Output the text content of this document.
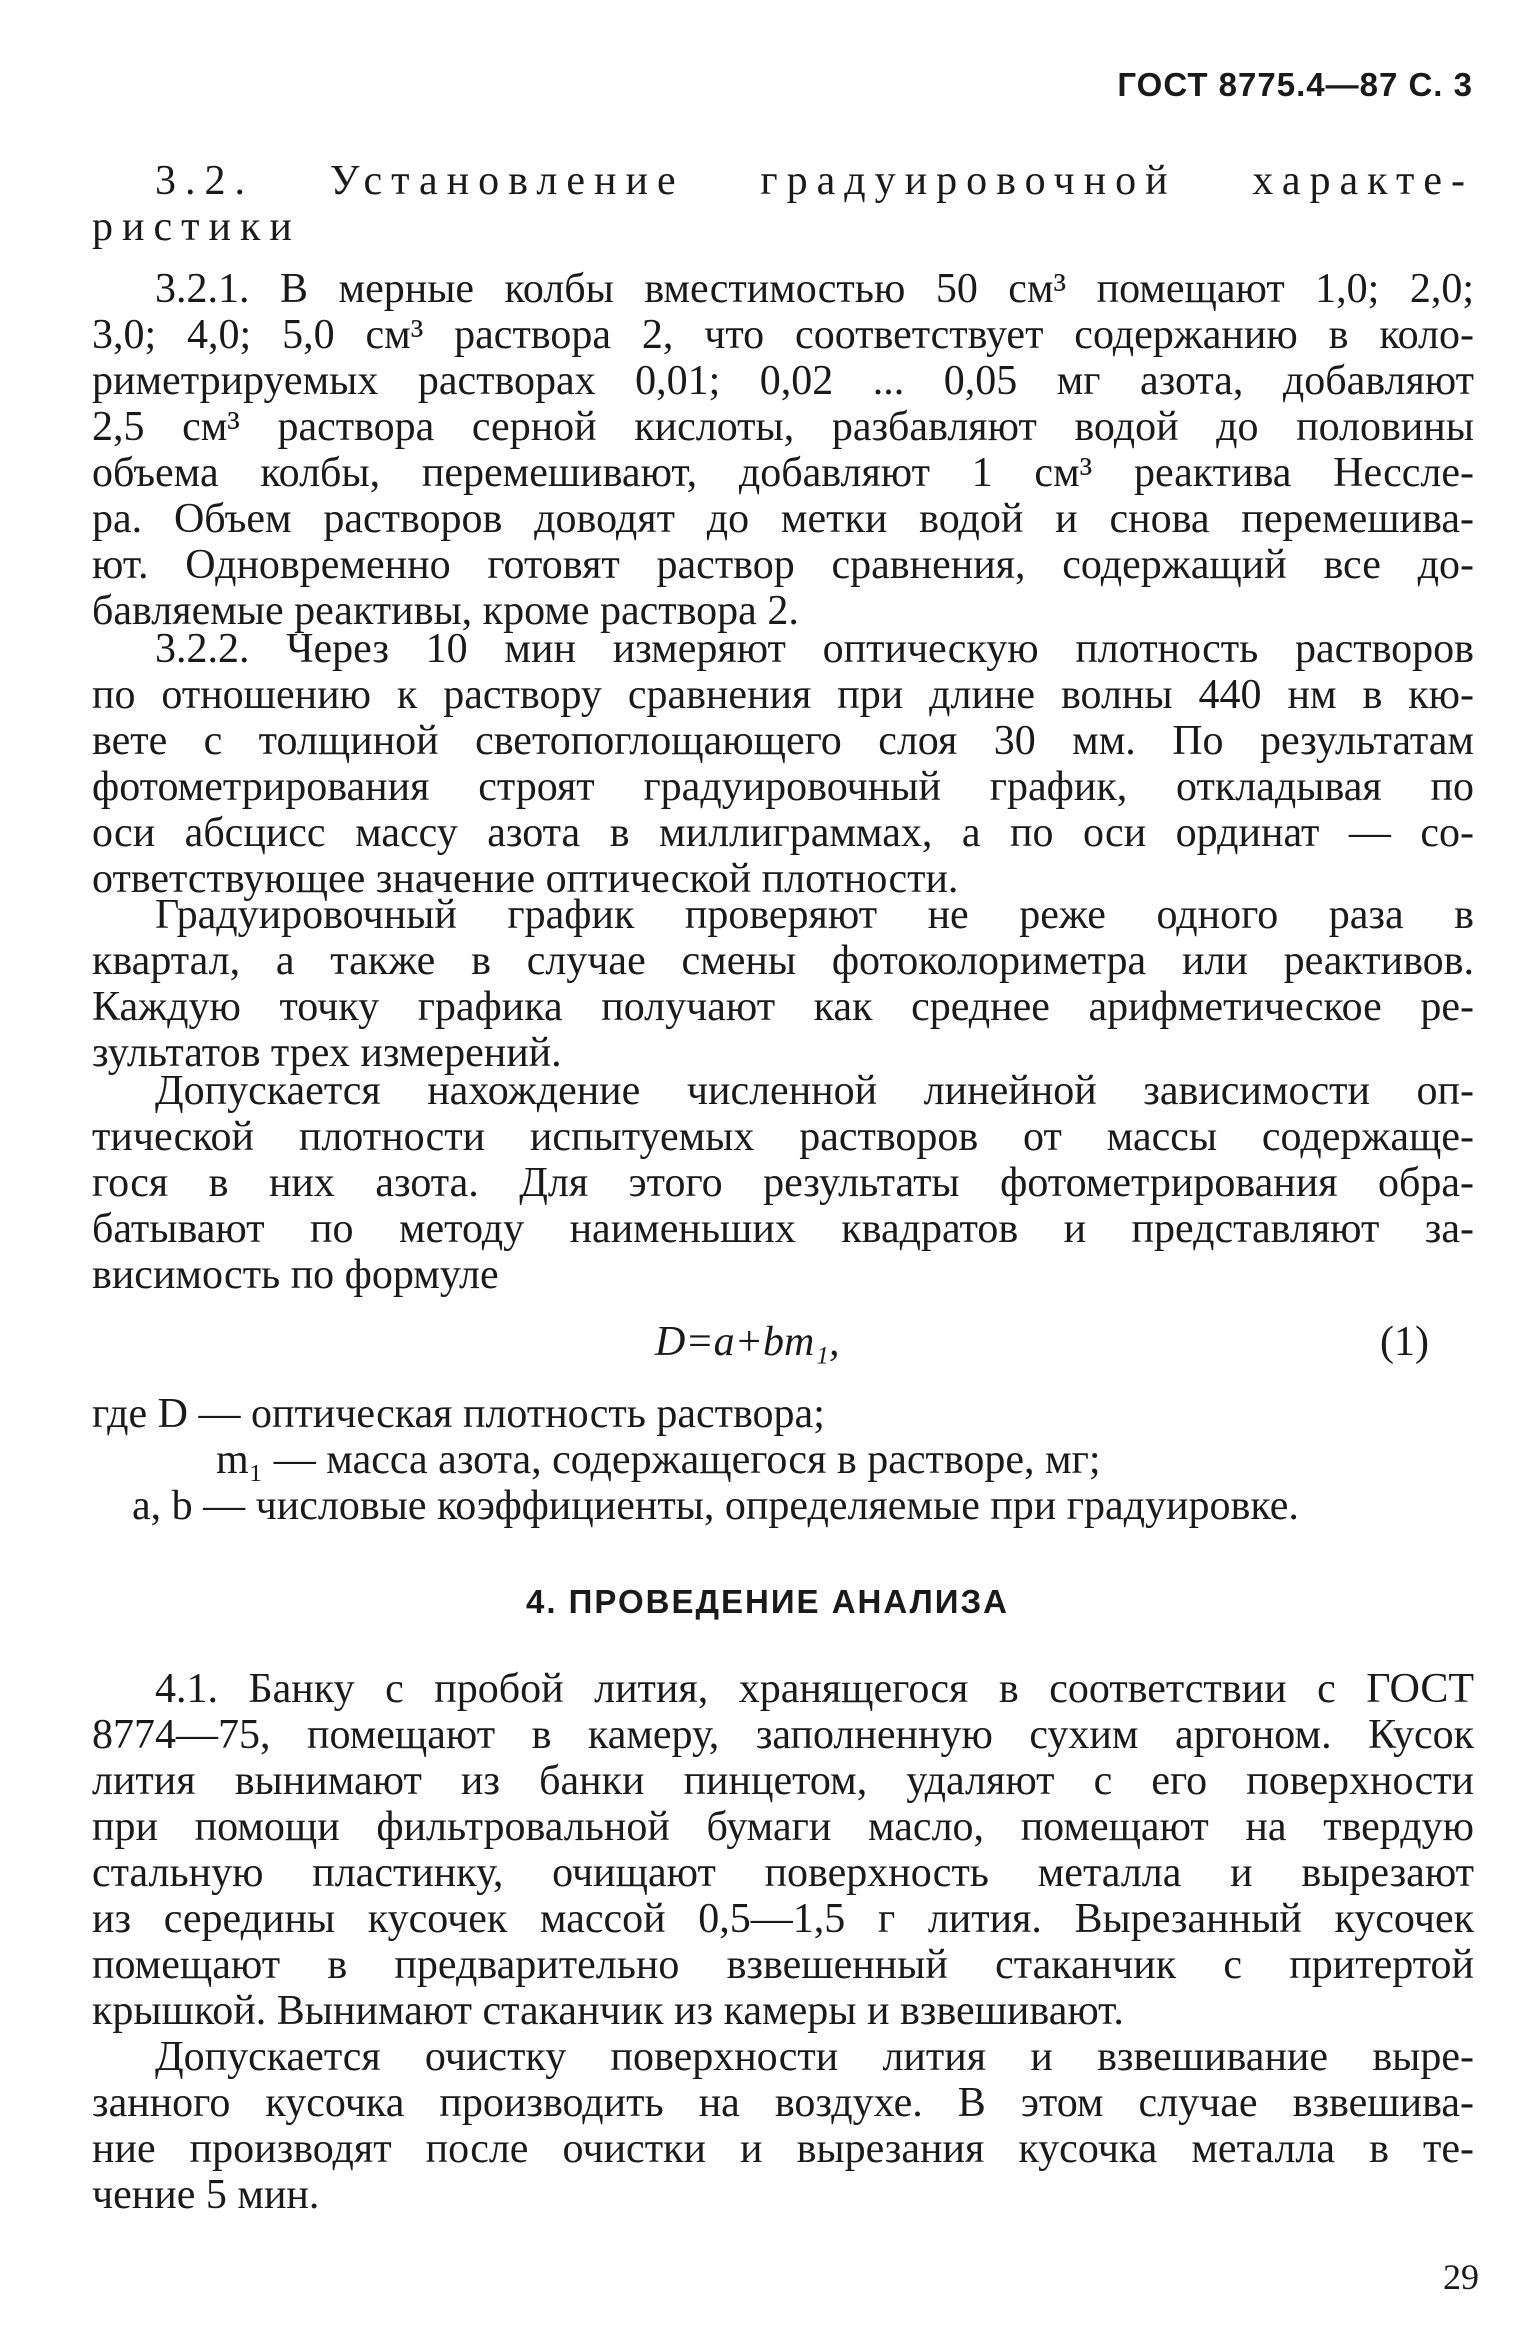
ГОСТ 8775.4—87 С. 3
3.2. Установление градуировочной характе-
ристики
3.2.1. В мерные колбы вместимостью 50 см³ помещают 1,0; 2,0;
3,0; 4,0; 5,0 см³ раствора 2, что соответствует содержанию в коло-
риметрируемых растворах 0,01; 0,02 ... 0,05 мг азота, добавляют
2,5 см³ раствора серной кислоты, разбавляют водой до половины
объема колбы, перемешивают, добавляют 1 см³ реактива Несслe-
ра. Объем растворов доводят до метки водой и снова перемешива-
ют. Одновременно готовят раствор сравнения, содержащий все до-
бавляемые реактивы, кроме раствора 2.
3.2.2. Через 10 мин измеряют оптическую плотность растворов
по отношению к раствору сравнения при длине волны 440 нм в кю-
вете с толщиной светопоглощающего слоя 30 мм. По результатам
фотометрирования строят градуировочный график, откладывая по
оси абсцисс массу азота в миллиграммах, а по оси ординат — со-
ответствующее значение оптической плотности.
Градуировочный график проверяют не реже одного раза в
квартал, а также в случае смены фотоколориметра или реактивов.
Каждую точку графика получают как среднее арифметическое ре-
зультатов трех измерений.
Допускается нахождение численной линейной зависимости оп-
тической плотности испытуемых растворов от массы содержаще-
гося в них азота. Для этого результаты фотометрирования обра-
батывают по методу наименьших квадратов и представляют за-
висимость по формуле
D=a+bm₁,	(1)
где D — оптическая плотность раствора;
m₁ — масса азота, содержащегося в растворе, мг;
a, b — числовые коэффициенты, определяемые при градуировке.
4. ПРОВЕДЕНИЕ АНАЛИЗА
4.1. Банку с пробой лития, хранящегося в соответствии с ГОСТ
8774—75, помещают в камеру, заполненную сухим аргоном. Кусок
лития вынимают из банки пинцетом, удаляют с его поверхности
при помощи фильтровальной бумаги масло, помещают на твердую
стальную пластинку, очищают поверхность металла и вырезают
из середины кусочек массой 0,5—1,5 г лития. Вырезанный кусочек
помещают в предварительно взвешенный стаканчик с притертой
крышкой. Вынимают стаканчик из камеры и взвешивают.
Допускается очистку поверхности лития и взвешивание выре-
занного кусочка производить на воздухе. В этом случае взвешива-
ние производят после очистки и вырезания кусочка металла в те-
чение 5 мин.
29
